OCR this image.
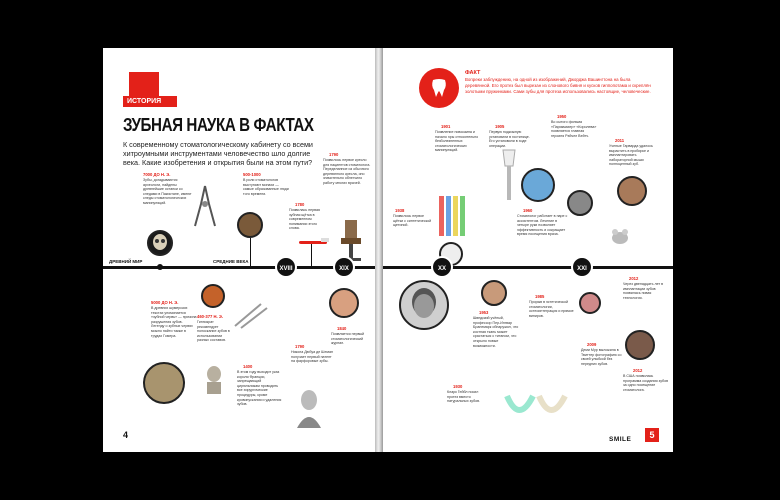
ИСТОРИЯ
ЗУБНАЯ НАУКА В ФАКТАХ
К современному стоматологическому кабинету со всеми хитроумными инструментами человечество шло долгие века. Какие изобретения и открытия были на этом пути?
7000 ДО Н. Э.
Зубы, догадываются археологи, найдены древнейшие останки со следами в Пакистане, имеют следы стоматологических манипуляций.
500-1000
В роли стоматологов выступают монахи — самые образованные люди того времени.
1780
Появилась первая зубная щётка в современном понимании этого слова.
1790
Появилось первое кресло для пациентов стоматолога. Переделанное из обычного деревянного кресла, оно значительно облегчило работу многих врачей.
ДРЕВНИЙ МИР	СРЕДНИЕ ВЕКА
XVIII	XIX
5000 ДО Н. Э.
В древних шумерских текстах упоминается «зубной червь» — причина разрушения зубов. Легенду о зубных червях можно найти также в трудах Гомера.
460-377 Н. Э.
Гиппократ рекомендует полоскание зубов в использовании разных составов.
1400
В этом году выходит указ короля Франции, запрещающий цирюльникам проводить все хирургические процедуры, кроме кровопускания и удаления зубов.
1790
Никола Дюбуа де Шеман получает первый патент на фарфоровые зубы.
1840
Появляется первый стоматологический журнал.
4
ФАКТ
Вопреки заблуждению, на одной из изображений, Джорджа Вашингтона на была деревянной. Его протез был вырезан из слонового бивня и кусков гиппопотама и скреплён золотыми пружинками. Сами зубы для протеза использовались настоящие, человеческие.
1901
Появление новокаина и начало эры относительно безболезненных стоматологических манипуляций.
1938
Появилось первое щётки с синтетической щетиной.
1905
Первую подкожную установили в гостинице. Его установили в ходе операции.
1950
Во сытого фильма «Парикмахер» «Королева» появляется главная героиня Рэйчел Вейтч.
1960
Стоматолог работает в паре с ассистентом. Лечение в четыре руки позволяет эффективность и сокращает время посещения врача.
2011
Ученые Гарварда удалось вырастить в пробирке и имплантировать лабораторной мыши полноценный зуб.
XX	XXI
1930
Кларк Гейбл носил протез вместо натуральных зубов.
1953
Шведский учёный, профессор Пер-Ингвар Бранемарк обнаружил, что костная ткань может срастаться с титаном, что открыло новые возможности.
1985
Прорыв в эстетической стоматологии, остеоинтеграция и прямое виниров.
2009
Деми Мур выложила в Твиттер фотографию со своей улыбкой без передних зубов.
2012
Через двенадцать лет в имплантации зубов появилась новая технология.
2012
В США появилась программа создания зубов за одно посещение стоматолога.
SMILE	5
